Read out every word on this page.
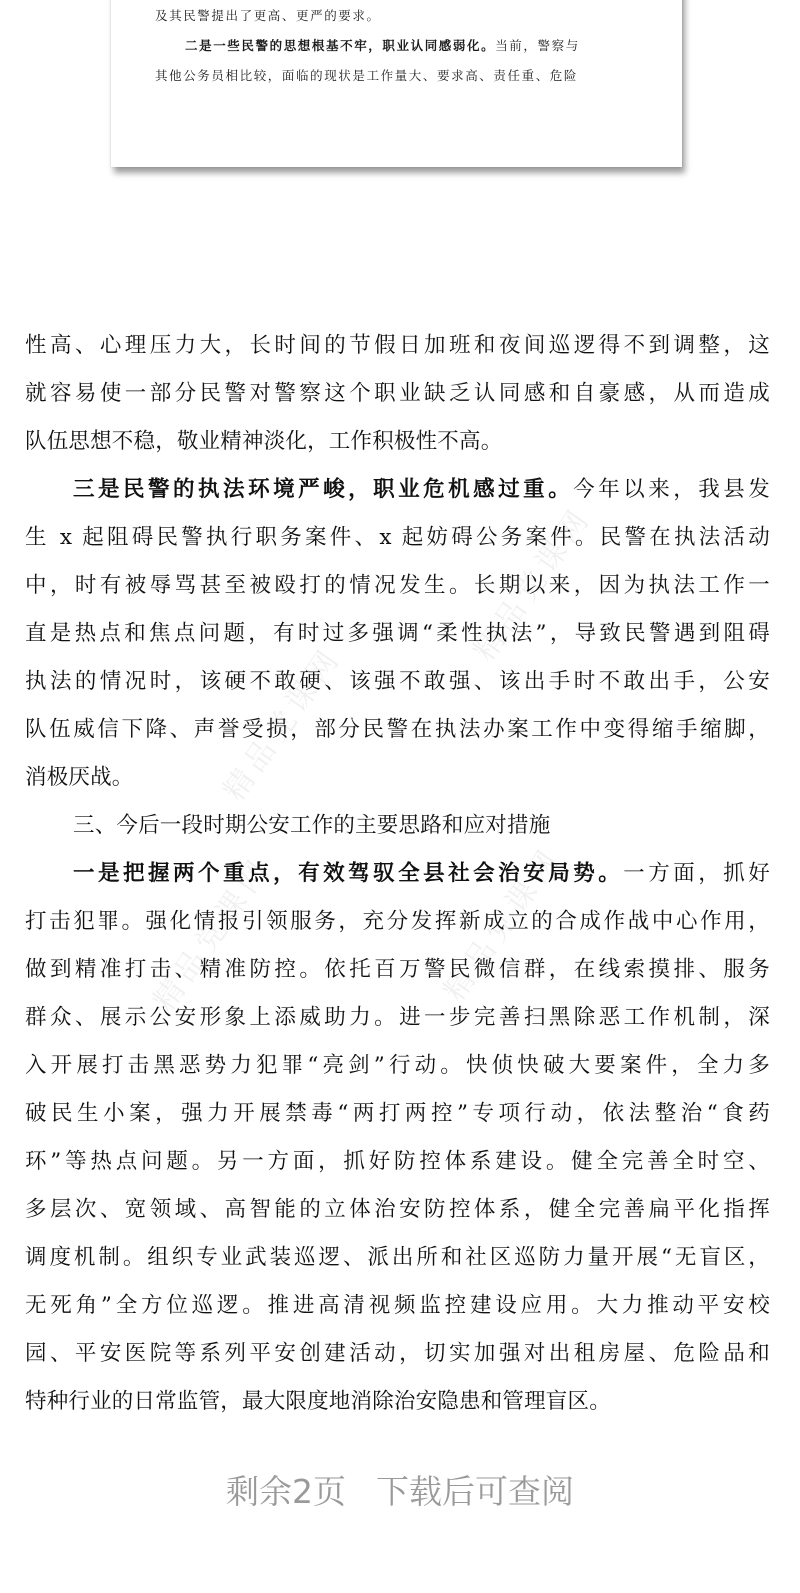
及其民警提出了更高、更严的要求。
二是一些民警的思想根基不牢，职业认同感弱化。当前，警察与
其他公务员相比较，面临的现状是工作量大、要求高、责任重、危险
精品党课网
精品党课网
精品党课网	精品党课网
性高、心理压力大，长时间的节假日加班和夜间巡逻得不到调整，这
就容易使一部分民警对警察这个职业缺乏认同感和自豪感，从而造成
队伍思想不稳，敬业精神淡化，工作积极性不高。
三是民警的执法环境严峻，职业危机感过重。今年以来，我县发
生 x 起阻碍民警执行职务案件、x 起妨碍公务案件。民警在执法活动
中，时有被辱骂甚至被殴打的情况发生。长期以来，因为执法工作一
直是热点和焦点问题，有时过多强调“柔性执法”，导致民警遇到阻碍
执法的情况时，该硬不敢硬、该强不敢强、该出手时不敢出手，公安
队伍威信下降、声誉受损，部分民警在执法办案工作中变得缩手缩脚，
消极厌战。
三、今后一段时期公安工作的主要思路和应对措施
一是把握两个重点，有效驾驭全县社会治安局势。一方面，抓好
打击犯罪。强化情报引领服务，充分发挥新成立的合成作战中心作用，
做到精准打击、精准防控。依托百万警民微信群，在线索摸排、服务
群众、展示公安形象上添威助力。进一步完善扫黑除恶工作机制，深
入开展打击黑恶势力犯罪“亮剑”行动。快侦快破大要案件，全力多
破民生小案，强力开展禁毒“两打两控”专项行动，依法整治“食药
环”等热点问题。另一方面，抓好防控体系建设。健全完善全时空、
多层次、宽领域、高智能的立体治安防控体系，健全完善扁平化指挥
调度机制。组织专业武装巡逻、派出所和社区巡防力量开展“无盲区，
无死角”全方位巡逻。推进高清视频监控建设应用。大力推动平安校
园、平安医院等系列平安创建活动，切实加强对出租房屋、危险品和
特种行业的日常监管，最大限度地消除治安隐患和管理盲区。
剩余2页 下载后可查阅
